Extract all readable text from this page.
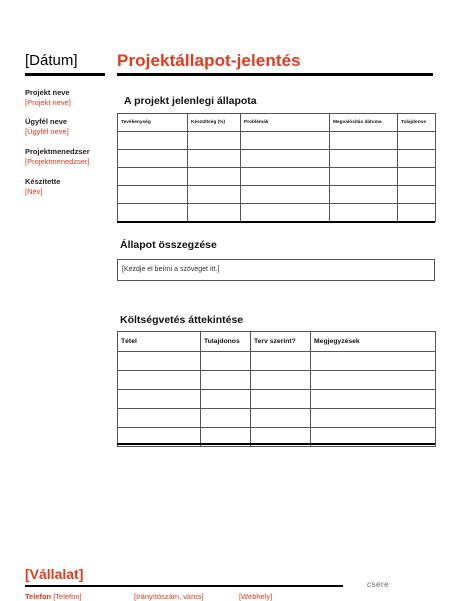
[Dátum]
Projekt neve
[Projekt neve]
Ügyfél neve
[Ügyfél neve]
Projektmenedzser
[Projektmenedzser]
Készítette
[Név]
Projektállapot-jelentés
A projekt jelenlegi állapota
Tevékenység	Készültség (%)	Problémák	Megvalósítás dátuma	Tulajdonos

Állapot összegzése
[Kezdje el beírni a szöveget itt.]
Költségvetés áttekintése
Tétel	Tulajdonos	Terv szerint?	Megjegyzések

[Vállalat]
Telefon [Telefon]	[Irányítószám, város]	[Webhely]
csere
